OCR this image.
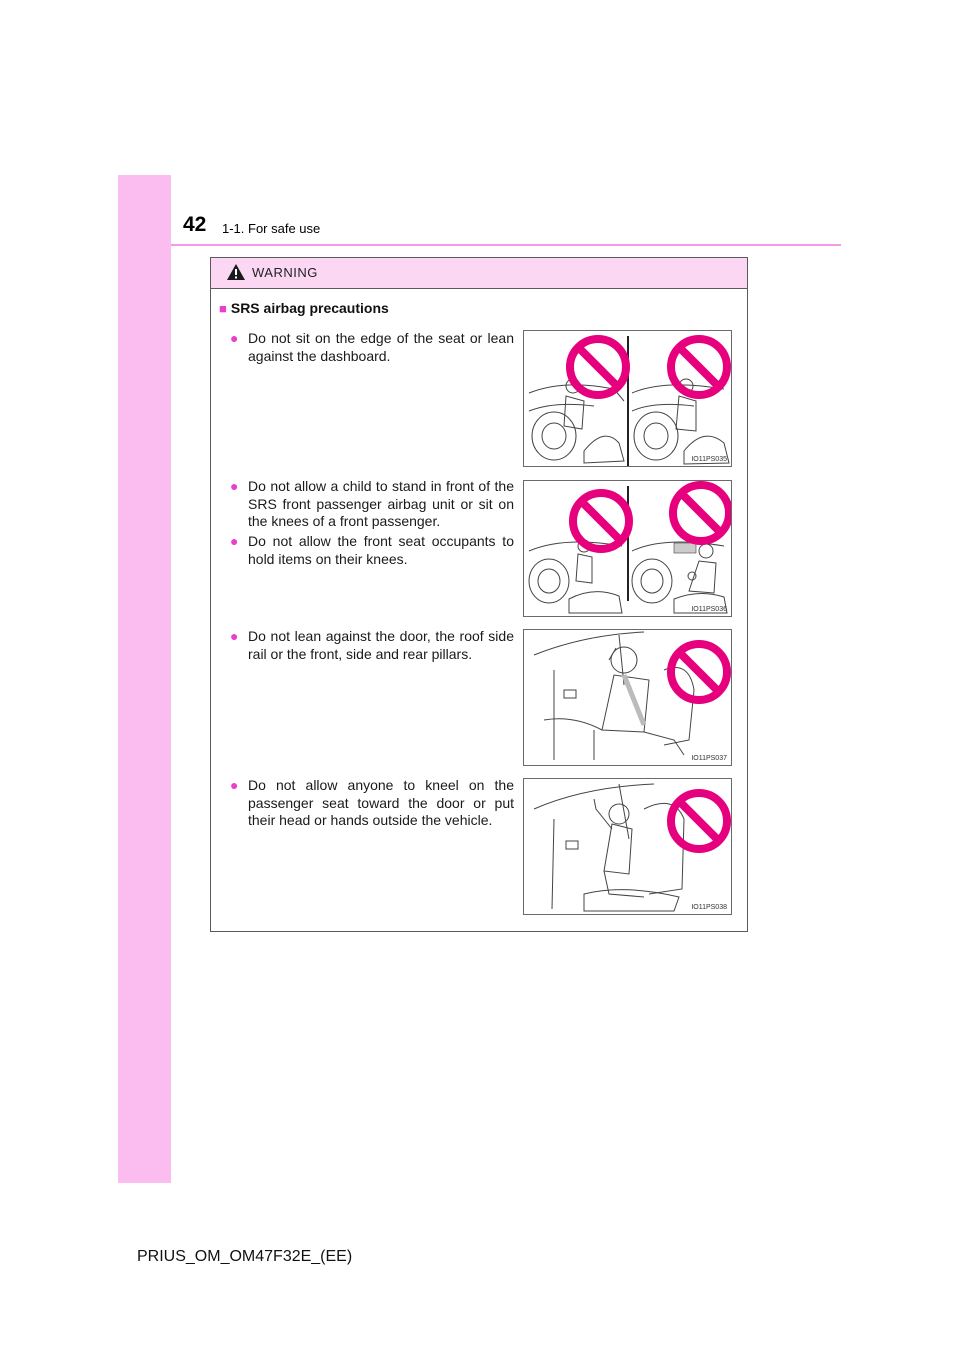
42 1-1. For safe use
WARNING
■ SRS airbag precautions
● Do not sit on the edge of the seat or lean against the dashboard.
IO11PS035
● Do not allow a child to stand in front of the SRS front passenger airbag unit or sit on the knees of a front passenger.
● Do not allow the front seat occupants to hold items on their knees.
IO11PS036
● Do not lean against the door, the roof side rail or the front, side and rear pillars.
IO11PS037
● Do not allow anyone to kneel on the passenger seat toward the door or put their head or hands outside the vehicle.
IO11PS038
PRIUS_OM_OM47F32E_(EE)
